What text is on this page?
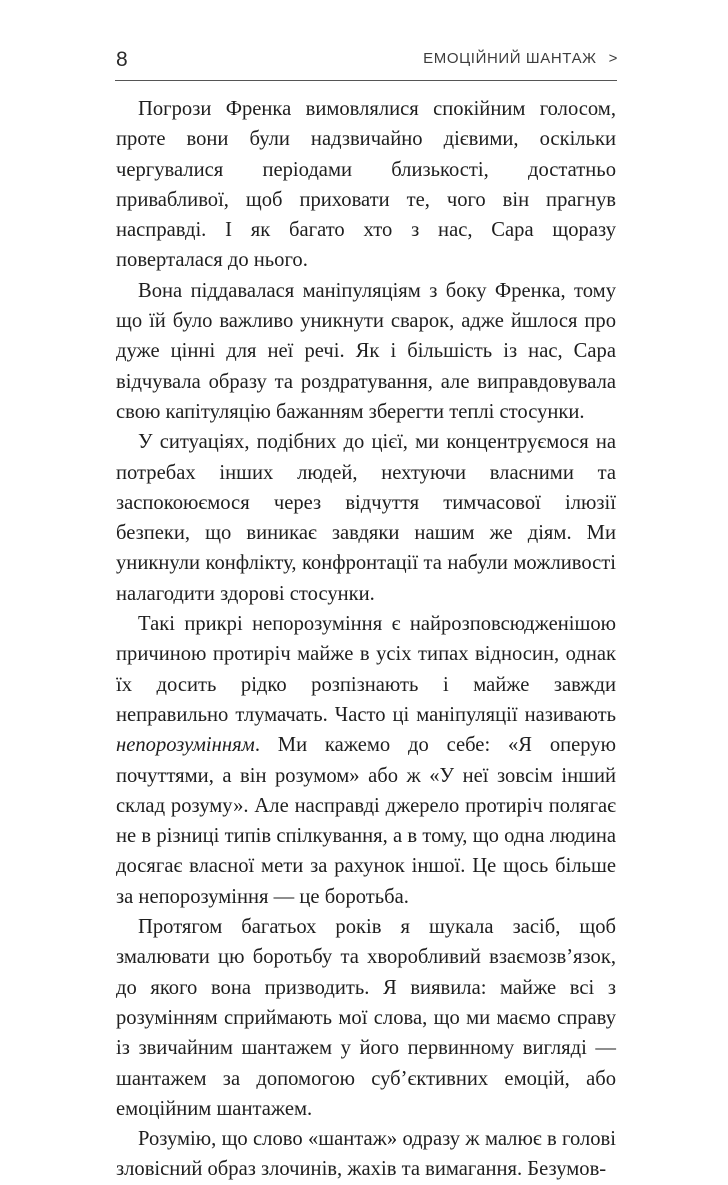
8	ЕМОЦІЙНИЙ ШАНТАЖ >

Погрози Френка вимовлялися спокійним голосом, проте вони були надзвичайно дієвими, оскільки чергувалися періодами близькості, достатньо привабливої, щоб приховати те, чого він прагнув насправді. І як багато хто з нас, Сара щоразу поверталася до нього.

Вона піддавалася маніпуляціям з боку Френка, тому що їй було важливо уникнути сварок, адже йшлося про дуже цінні для неї речі. Як і більшість із нас, Сара відчувала образу та роздратування, але виправдовувала свою капітуляцію бажанням зберегти теплі стосунки.

У ситуаціях, подібних до цієї, ми концентруємося на потребах інших людей, нехтуючи власними та заспокоюємося через відчуття тимчасової ілюзії безпеки, що виникає завдяки нашим же діям. Ми уникнули конфлікту, конфронтації та набули можливості налагодити здорові стосунки.

Такі прикрі непорозуміння є найрозповсюдженішою причиною протиріч майже в усіх типах відносин, однак їх досить рідко розпізнають і майже завжди неправильно тлумачать. Часто ці маніпуляції називають непорозумінням. Ми кажемо до себе: «Я оперую почуттями, а він розумом» або ж «У неї зовсім інший склад розуму». Але насправді джерело протиріч полягає не в різниці типів спілкування, а в тому, що одна людина досягає власної мети за рахунок іншої. Це щось більше за непорозуміння — це боротьба.

Протягом багатьох років я шукала засіб, щоб змалювати цю боротьбу та хворобливий взаємозв’язок, до якого вона призводить. Я виявила: майже всі з розумінням сприймають мої слова, що ми маємо справу із звичайним шантажем у його первинному вигляді — шантажем за допомогою суб’єктивних емоцій, або емоційним шантажем.

Розумію, що слово «шантаж» одразу ж малює в голові зловісний образ злочинів, жахів та вимагання. Безумов-
